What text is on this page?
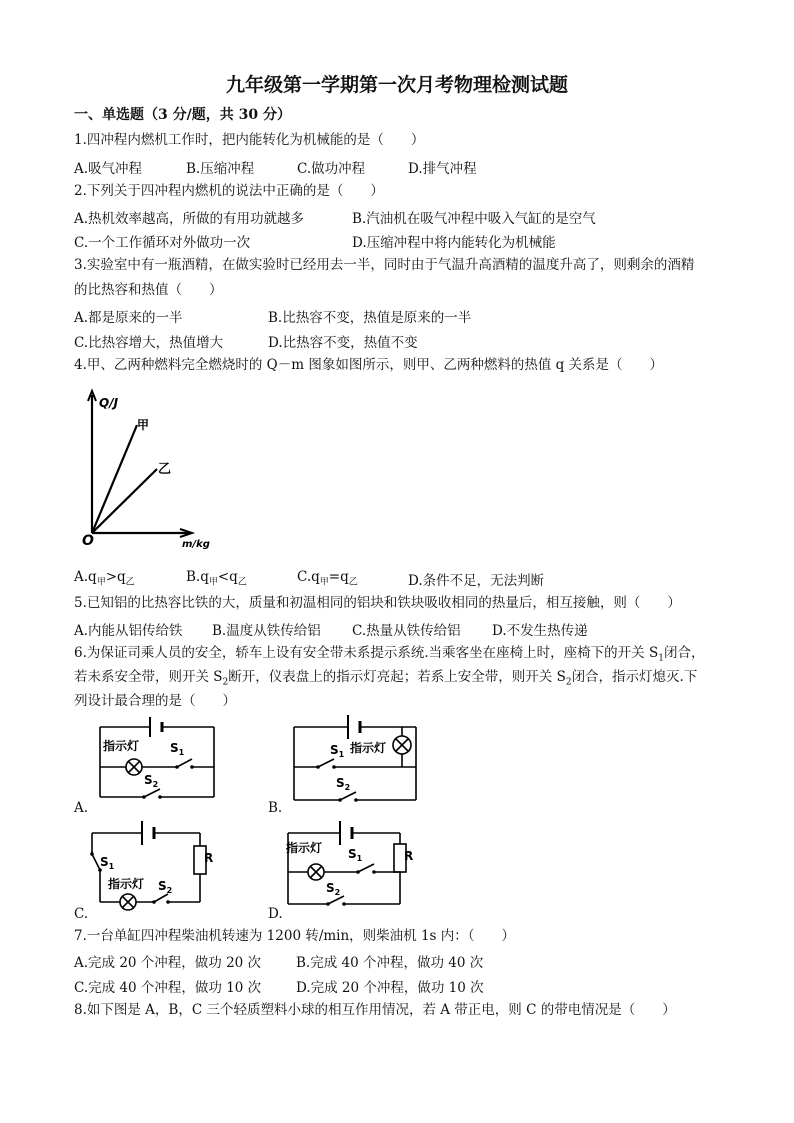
九年级第一学期第一次月考物理检测试题
一、单选题（3 分/题，共 30 分）
1.四冲程内燃机工作时，把内能转化为机械能的是（　　）
A.吸气冲程	B.压缩冲程	C.做功冲程	D.排气冲程
2.下列关于四冲程内燃机的说法中正确的是（　　）
A.热机效率越高，所做的有用功就越多	B.汽油机在吸气冲程中吸入气缸的是空气
C.一个工作循环对外做功一次	D.压缩冲程中将内能转化为机械能
3.实验室中有一瓶酒精，在做实验时已经用去一半，同时由于气温升高酒精的温度升高了，则剩余的酒精
的比热容和热值（　　）
A.都是原来的一半	B.比热容不变，热值是原来的一半
C.比热容增大，热值增大	D.比热容不变，热值不变
4.甲、乙两种燃料完全燃烧时的 Q－m 图象如图所示，则甲、乙两种燃料的热值 q 关系是（　　）
Q/J
m/kg
O
甲
乙
$A.q_甲>q_乙$	$B.q_甲<q_乙$	$C.q_甲=q_乙$	D.条件不足，无法判断
5.已知铝的比热容比铁的大，质量和初温相同的铝块和铁块吸收相同的热量后，相互接触，则（　　）
A.内能从铝传给铁 B.温度从铁传给铝 C.热量从铁传给铝 D.不发生热传递
6.为保证司乘人员的安全，轿车上设有安全带未系提示系统.当乘客坐在座椅上时，座椅下的开关 $S_1$闭合，
若未系安全带，则开关 $S_2$断开，仪表盘上的指示灯亮起；若系上安全带，则开关 $S_2$闭合，指示灯熄灭.下
列设计最合理的是（　　）
指示灯	$S_1$
$S_2$
A.
$S_1$ 指示灯
$S_2$
B.
$S_1$
指示灯 $S_2$
R
C.
指示灯 $S_1$
$S_2$
R
D.
7.一台单缸四冲程柴油机转速为 1200 转/min，则柴油机 1s 内：（　　）
A.完成 20 个冲程，做功 20 次	B.完成 40 个冲程，做功 40 次
C.完成 40 个冲程，做功 10 次	D.完成 20 个冲程，做功 10 次
8.如下图是 A，B，C 三个轻质塑料小球的相互作用情况，若 A 带正电，则 C 的带电情况是（　　）
